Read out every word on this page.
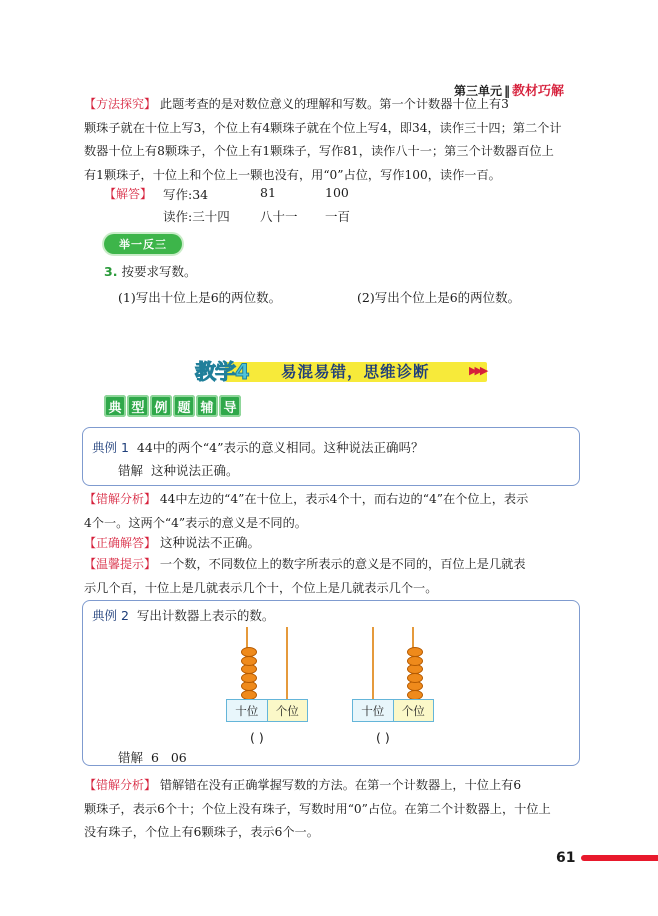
第三单元 ‖ 教材巧解
【方法探究】 此题考查的是对数位意义的理解和写数。第一个计数器十位上有3
颗珠子就在十位上写3，个位上有4颗珠子就在个位上写4，即34，读作三十四；第二个计
数器十位上有8颗珠子，个位上有1颗珠子，写作81，读作八十一；第三个计数器百位上
有1颗珠子，十位上和个位上一颗也没有，用“0”占位，写作100，读作一百。
【解答】 写作:34	81	100
读作:三十四 八十一 一百
举一反三
3. 按要求写数。
(1)写出十位上是6的两位数。	(2)写出个位上是6的两位数。
教学4 易混易错，思维诊断	▶▶▶
典 型 例 题 辅 导
典例 1 44中的两个“4”表示的意义相同。这种说法正确吗？
错解 这种说法正确。
【错解分析】 44中左边的“4”在十位上，表示4个十，而右边的“4”在个位上，表示
4个一。这两个“4”表示的意义是不同的。
【正确解答】 这种说法不正确。
【温馨提示】 一个数，不同数位上的数字所表示的意义是不同的，百位上是几就表
示几个百，十位上是几就表示几个十，个位上是几就表示几个一。
典例 2 写出计数器上表示的数。
十位	个位
( )
十位	个位
( )
错解 6   06
【错解分析】 错解错在没有正确掌握写数的方法。在第一个计数器上，十位上有6
颗珠子，表示6个十；个位上没有珠子，写数时用“0”占位。在第二个计数器上，十位上
没有珠子，个位上有6颗珠子，表示6个一。
61
